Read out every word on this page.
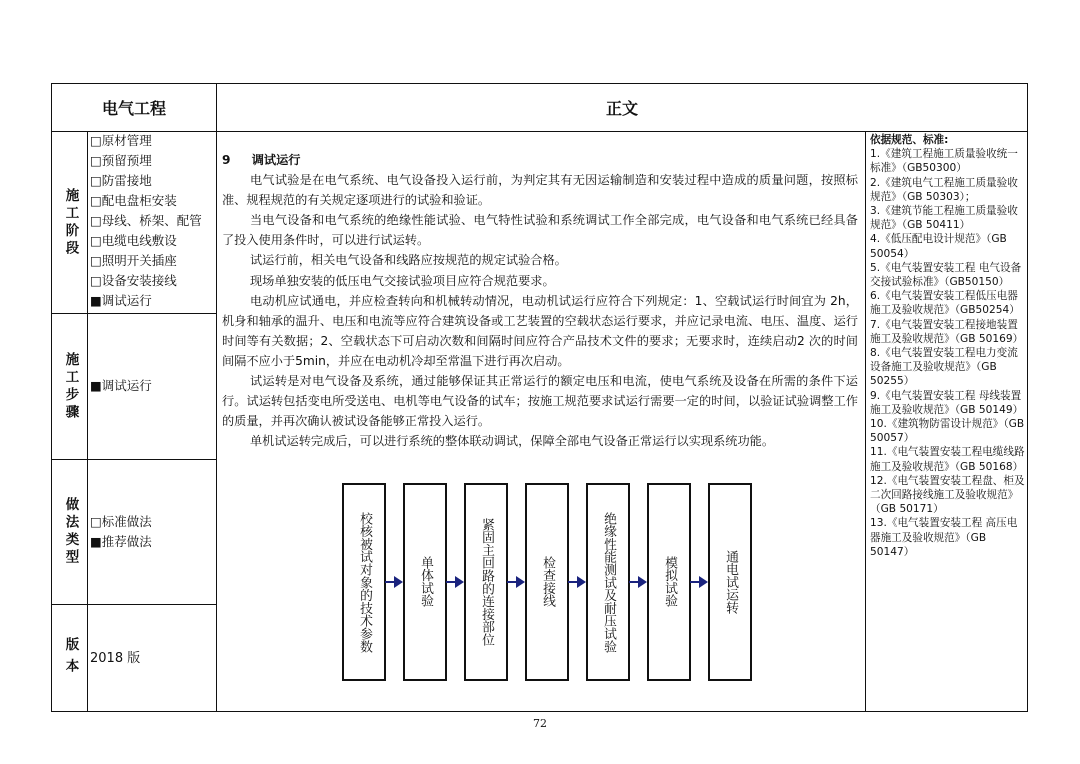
电气工程	正文
施工阶段
□原材管理
□预留预埋
□防雷接地
□配电盘柜安装
□母线、桥架、配管
□电缆电线敷设
□照明开关插座
□设备安装接线
■调试运行
施工步骤 ■调试运行
做法类型 □标准做法
■推荐做法
版本 2018 版

9 调试运行

电气试验是在电气系统、电气设备投入运行前，为判定其有无因运输制造和安装过程中造成的质量问题，按照标准、规程规范的有关规定逐项进行的试验和验证。

当电气设备和电气系统的绝缘性能试验、电气特性试验和系统调试工作全部完成，电气设备和电气系统已经具备了投入使用条件时，可以进行试运转。

试运行前，相关电气设备和线路应按规范的规定试验合格。

现场单独安装的低压电气交接试验项目应符合规范要求。

电动机应试通电，并应检查转向和机械转动情况，电动机试运行应符合下列规定：1、空载试运行时间宜为 2h，机身和轴承的温升、电压和电流等应符合建筑设备或工艺装置的空载状态运行要求，并应记录电流、电压、温度、运行时间等有关数据；2、空载状态下可启动次数和间隔时间应符合产品技术文件的要求；无要求时，连续启动2 次的时间间隔不应小于5min，并应在电动机冷却至常温下进行再次启动。

试运转是对电气设备及系统，通过能够保证其正常运行的额定电压和电流，使电气系统及设备在所需的条件下运行。试运转包括变电所受送电、电机等电气设备的试车；按施工规范要求试运行需要一定的时间，以验证试验调整工作的质量，并再次确认被试设备能够正常投入运行。

单机试运转完成后，可以进行系统的整体联动调试，保障全部电气设备正常运行以实现系统功能。

校核被试对象的技术参数	单体试验	紧固主回路的连接部位	检查接线	绝缘性能测试及耐压试验	模拟试验	通电试运转
依据规范、标准:
1.《建筑工程施工质量验收统一标准》（GB50300）
2.《建筑电气工程施工质量验收规范》（GB 50303）；
3.《建筑节能工程施工质量验收规范》（GB 50411）
4.《低压配电设计规范》（GB 50054）
5.《电气装置安装工程 电气设备交接试验标准》（GB50150）
6.《电气装置安装工程低压电器施工及验收规范》（GB50254）
7.《电气装置安装工程接地装置施工及验收规范》（GB 50169）
8.《电气装置安装工程电力变流设备施工及验收规范》（GB 50255）
9.《电气装置安装工程 母线装置施工及验收规范》（GB 50149）
10.《建筑物防雷设计规范》（GB 50057）
11.《电气装置安装工程电缆线路施工及验收规范》（GB 50168）
12.《电气装置安装工程盘、柜及二次回路接线施工及验收规范》（GB 50171）
13.《电气装置安装工程 高压电器施工及验收规范》（GB 50147）
72
